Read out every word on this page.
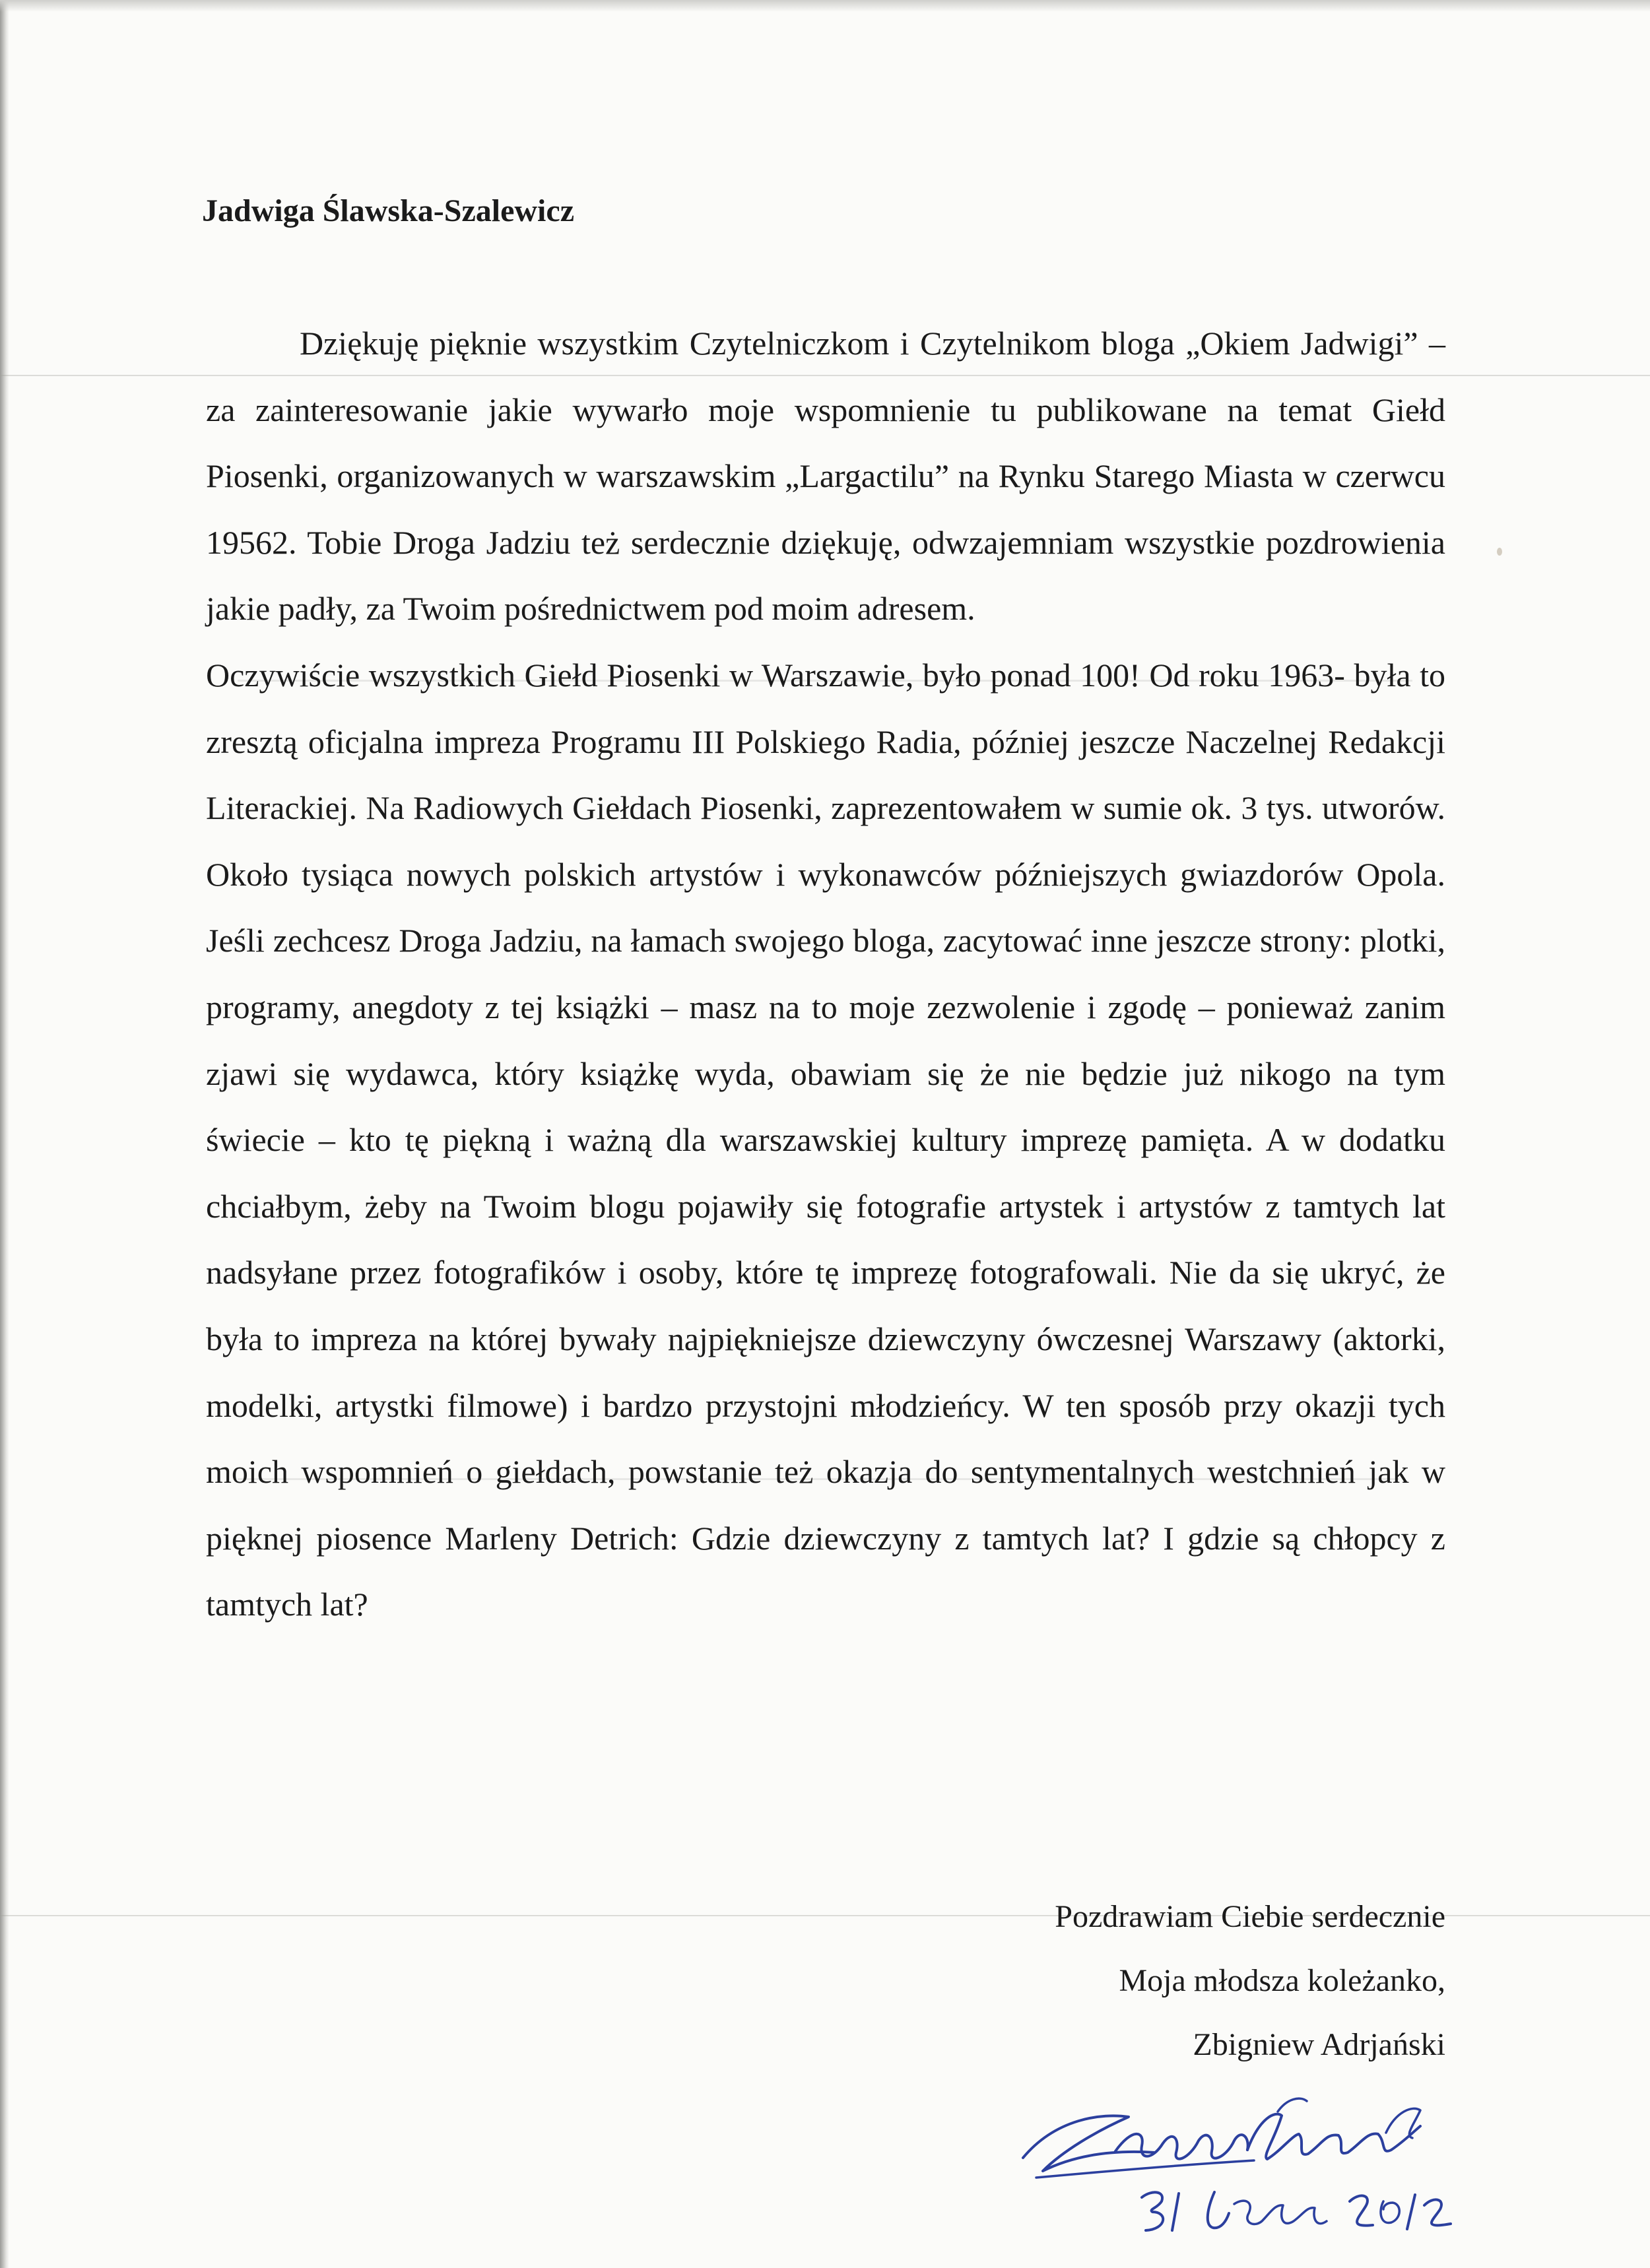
Jadwiga Ślawska-Szalewicz

Dziękuję pięknie wszystkim Czytelniczkom i Czytelnikom bloga „Okiem Jadwigi” – za zainteresowanie jakie wywarło moje wspomnienie tu publikowane na temat Giełd Piosenki, organizowanych w warszawskim „Largactilu” na Rynku Starego Miasta w czerwcu 19562. Tobie Droga Jadziu też serdecznie dziękuję, odwzajemniam wszystkie pozdrowienia jakie padły, za Twoim pośrednictwem pod moim adresem.

Oczywiście wszystkich Giełd Piosenki w Warszawie, było ponad 100! Od roku 1963- była to zresztą oficjalna impreza Programu III Polskiego Radia, później jeszcze Naczelnej Redakcji Literackiej. Na Radiowych Giełdach Piosenki, zaprezentowałem w sumie ok. 3 tys. utworów. Około tysiąca nowych polskich artystów i wykonawców późniejszych gwiazdorów Opola. Jeśli zechcesz Droga Jadziu, na łamach swojego bloga, zacytować inne jeszcze strony: plotki, programy, anegdoty z tej książki – masz na to moje zezwolenie i zgodę – ponieważ zanim zjawi się wydawca, który książkę wyda, obawiam się że nie będzie już nikogo na tym świecie – kto tę piękną i ważną dla warszawskiej kultury imprezę pamięta. A w dodatku chciałbym, żeby na Twoim blogu pojawiły się fotografie artystek i artystów z tamtych lat nadsyłane przez fotografików i osoby, które tę imprezę fotografowali. Nie da się ukryć, że była to impreza na której bywały najpiękniejsze dziewczyny ówczesnej Warszawy (aktorki, modelki, artystki filmowe) i bardzo przystojni młodzieńcy. W ten sposób przy okazji tych moich wspomnień o giełdach, powstanie też okazja do sentymentalnych westchnień jak w pięknej piosence Marleny Detrich: Gdzie dziewczyny z tamtych lat? I gdzie są chłopcy z tamtych lat?

Pozdrawiam Ciebie serdecznie
Moja młodsza koleżanko,
Zbigniew Adrjański
